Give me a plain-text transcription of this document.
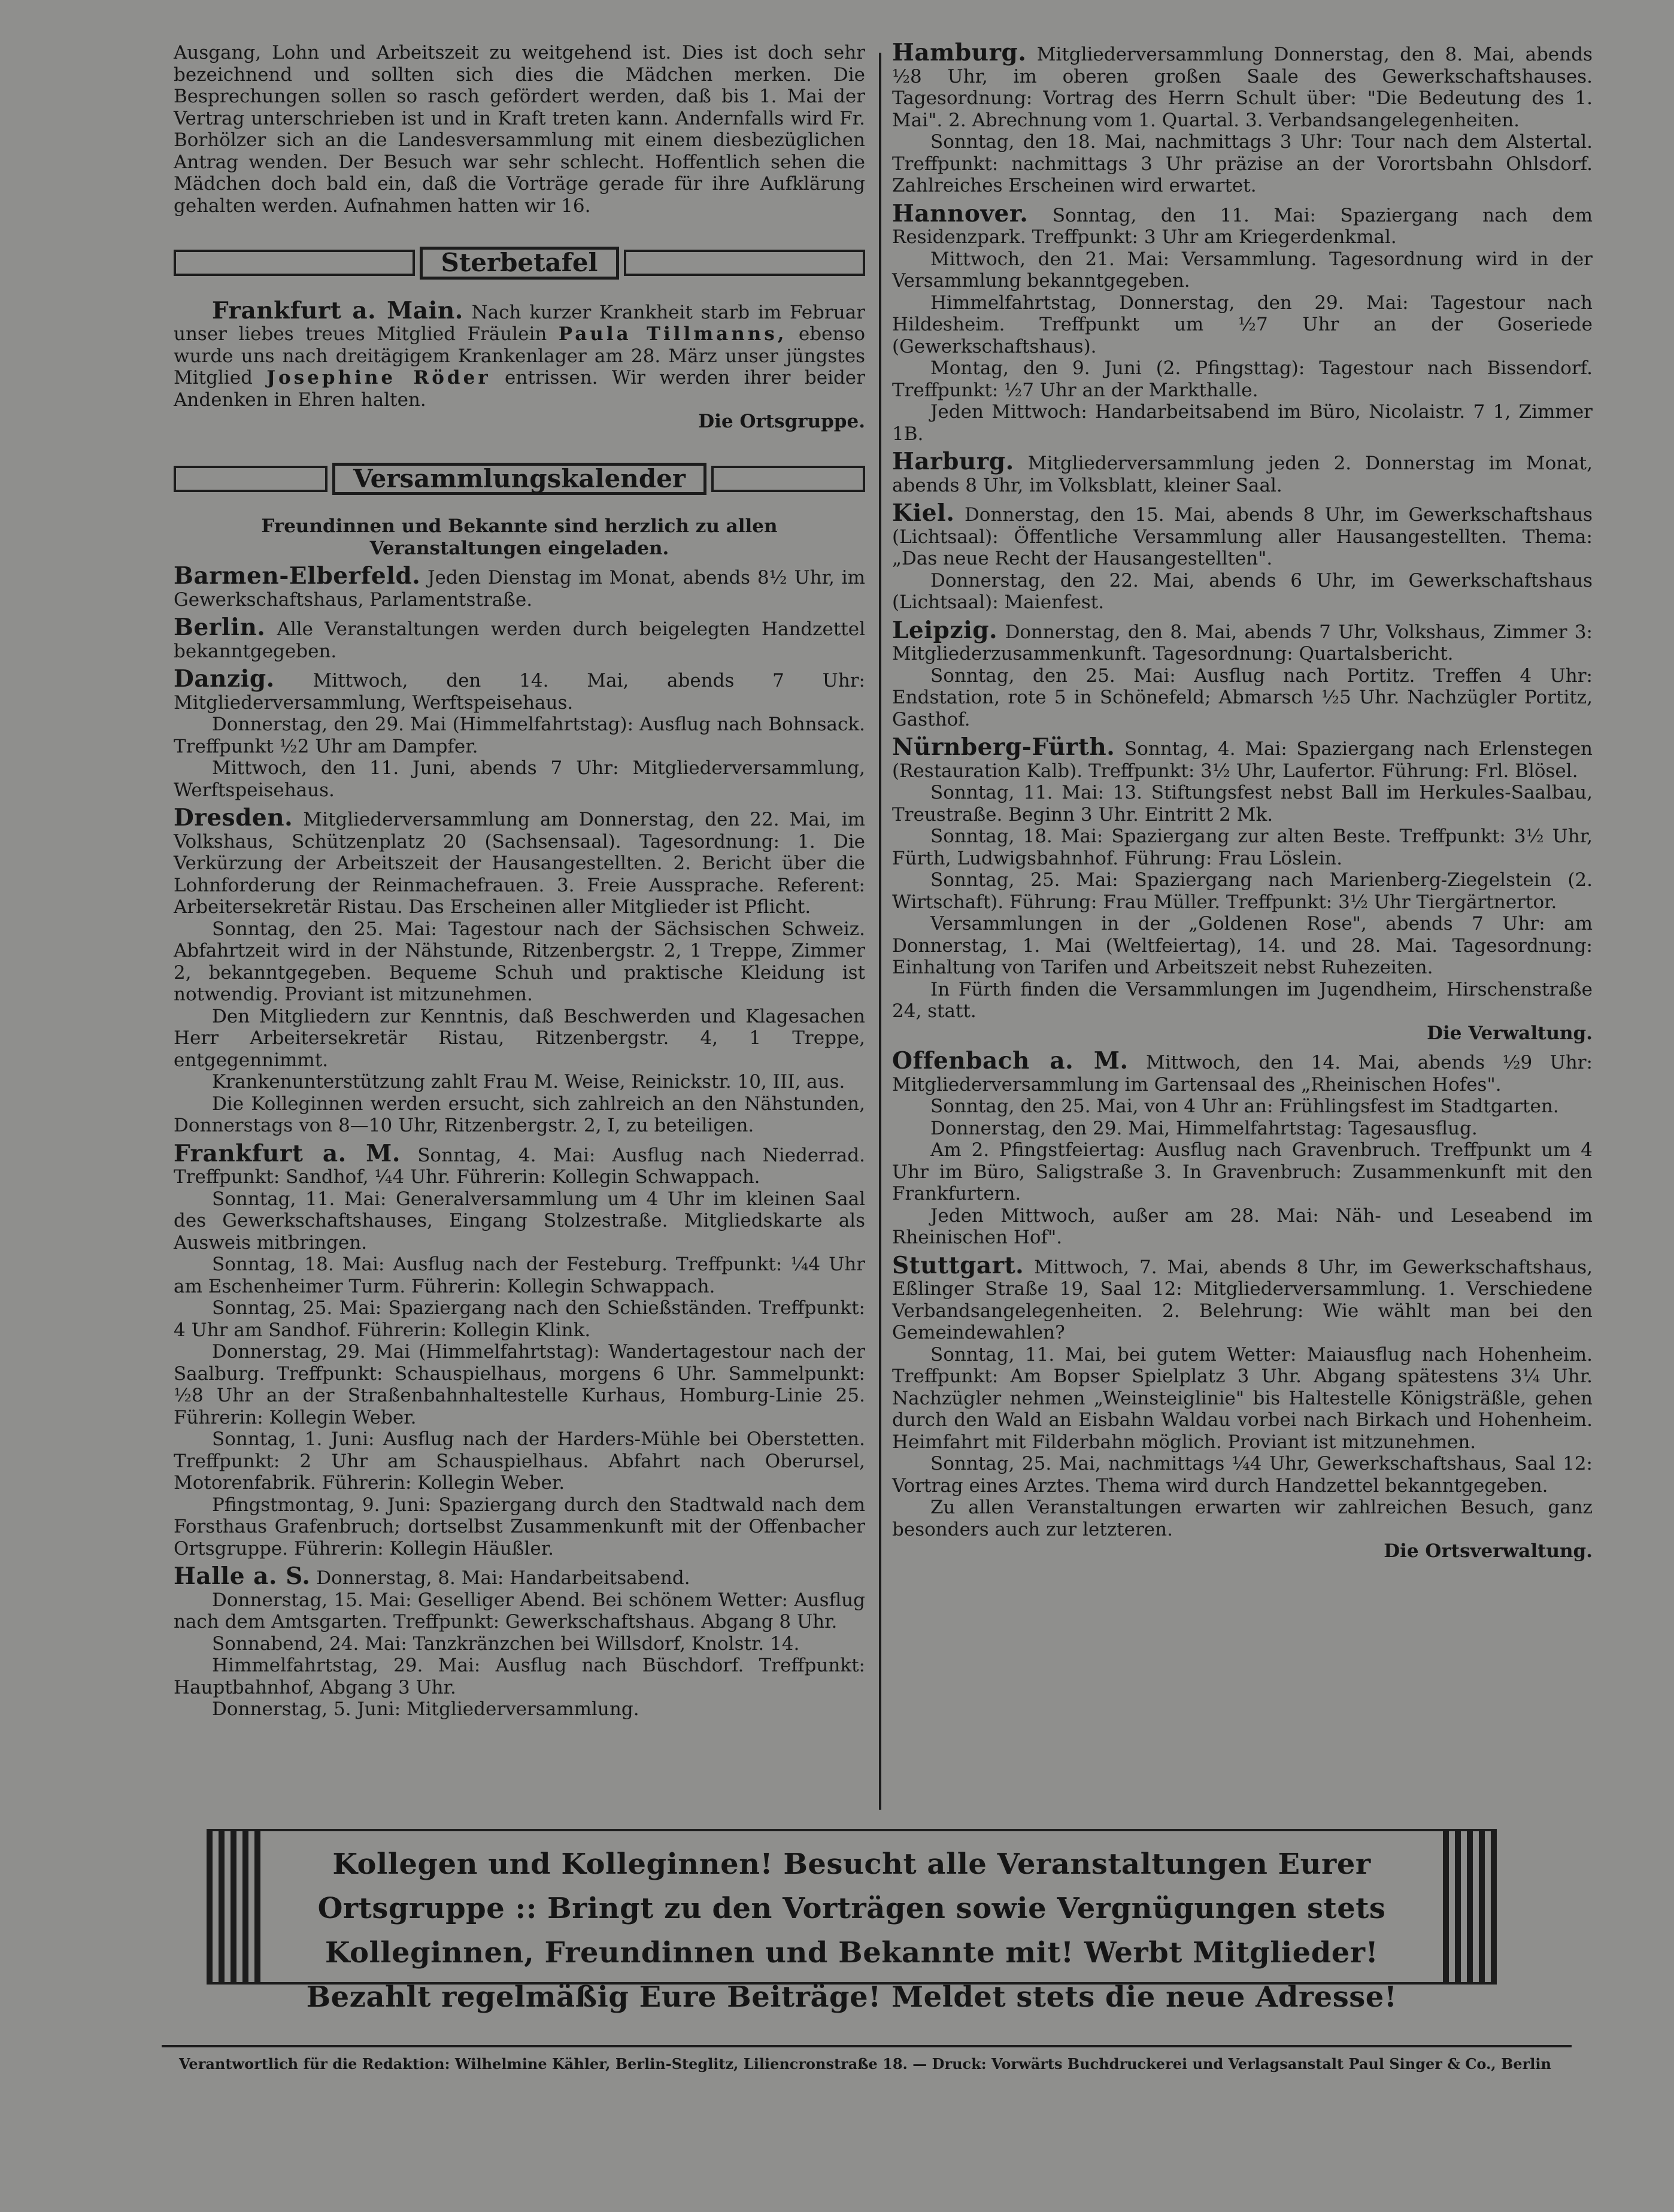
Ausgang, Lohn und Arbeitszeit zu weitgehend ist. Dies ist doch sehr bezeichnend und sollten sich dies die Mädchen merken. Die Besprechungen sollen so rasch gefördert werden, daß bis 1. Mai der Vertrag unterschrieben ist und in Kraft treten kann. Andernfalls wird Fr. Borhölzer sich an die Landesversammlung mit einem diesbezüglichen Antrag wenden. Der Besuch war sehr schlecht. Hoffentlich sehen die Mädchen doch bald ein, daß die Vorträge gerade für ihre Aufklärung gehalten werden. Aufnahmen hatten wir 16.

Sterbetafel

Frankfurt a. Main. Nach kurzer Krankheit starb im Februar unser liebes treues Mitglied Fräulein Paula Tillmanns, ebenso wurde uns nach dreitägigem Krankenlager am 28. März unser jüngstes Mitglied Josephine Röder entrissen. Wir werden ihrer beider Andenken in Ehren halten.

Die Ortsgruppe.

Versammlungskalender

Freundinnen und Bekannte sind herzlich zu allen Veranstaltungen eingeladen.

Barmen-Elberfeld. Jeden Dienstag im Monat, abends 8½ Uhr, im Gewerkschaftshaus, Parlamentstraße.

Berlin. Alle Veranstaltungen werden durch beigelegten Handzettel bekanntgegeben.

Danzig. Mittwoch, den 14. Mai, abends 7 Uhr: Mitgliederversammlung, Werftspeisehaus.

Donnerstag, den 29. Mai (Himmelfahrtstag): Ausflug nach Bohnsack. Treffpunkt ½2 Uhr am Dampfer.

Mittwoch, den 11. Juni, abends 7 Uhr: Mitgliederversammlung, Werftspeisehaus.

Dresden. Mitgliederversammlung am Donnerstag, den 22. Mai, im Volkshaus, Schützenplatz 20 (Sachsensaal). Tagesordnung: 1. Die Verkürzung der Arbeitszeit der Hausangestellten. 2. Bericht über die Lohnforderung der Reinmachefrauen. 3. Freie Aussprache. Referent: Arbeitersekretär Ristau. Das Erscheinen aller Mitglieder ist Pflicht.

Sonntag, den 25. Mai: Tagestour nach der Sächsischen Schweiz. Abfahrtzeit wird in der Nähstunde, Ritzenbergstr. 2, 1 Treppe, Zimmer 2, bekanntgegeben. Bequeme Schuh und praktische Kleidung ist notwendig. Proviant ist mitzunehmen.

Den Mitgliedern zur Kenntnis, daß Beschwerden und Klagesachen Herr Arbeitersekretär Ristau, Ritzenbergstr. 4, 1 Treppe, entgegennimmt.

Krankenunterstützung zahlt Frau M. Weise, Reinickstr. 10, III, aus.

Die Kolleginnen werden ersucht, sich zahlreich an den Nähstunden, Donnerstags von 8—10 Uhr, Ritzenbergstr. 2, I, zu beteiligen.

Frankfurt a. M. Sonntag, 4. Mai: Ausflug nach Niederrad. Treffpunkt: Sandhof, ¼4 Uhr. Führerin: Kollegin Schwappach.

Sonntag, 11. Mai: Generalversammlung um 4 Uhr im kleinen Saal des Gewerkschaftshauses, Eingang Stolzestraße. Mitgliedskarte als Ausweis mitbringen.

Sonntag, 18. Mai: Ausflug nach der Festeburg. Treffpunkt: ¼4 Uhr am Eschenheimer Turm. Führerin: Kollegin Schwappach.

Sonntag, 25. Mai: Spaziergang nach den Schießständen. Treffpunkt: 4 Uhr am Sandhof. Führerin: Kollegin Klink.

Donnerstag, 29. Mai (Himmelfahrtstag): Wandertagestour nach der Saalburg. Treffpunkt: Schauspielhaus, morgens 6 Uhr. Sammelpunkt: ½8 Uhr an der Straßenbahnhaltestelle Kurhaus, Homburg-Linie 25. Führerin: Kollegin Weber.

Sonntag, 1. Juni: Ausflug nach der Harders-Mühle bei Oberstetten. Treffpunkt: 2 Uhr am Schauspielhaus. Abfahrt nach Oberursel, Motorenfabrik. Führerin: Kollegin Weber.

Pfingstmontag, 9. Juni: Spaziergang durch den Stadtwald nach dem Forsthaus Grafenbruch; dortselbst Zusammenkunft mit der Offenbacher Ortsgruppe. Führerin: Kollegin Häußler.

Halle a. S. Donnerstag, 8. Mai: Handarbeitsabend.

Donnerstag, 15. Mai: Geselliger Abend. Bei schönem Wetter: Ausflug nach dem Amtsgarten. Treffpunkt: Gewerkschaftshaus. Abgang 8 Uhr.

Sonnabend, 24. Mai: Tanzkränzchen bei Willsdorf, Knolstr. 14.

Himmelfahrtstag, 29. Mai: Ausflug nach Büschdorf. Treffpunkt: Hauptbahnhof, Abgang 3 Uhr.

Donnerstag, 5. Juni: Mitgliederversammlung.

Hamburg. Mitgliederversammlung Donnerstag, den 8. Mai, abends ½8 Uhr, im oberen großen Saale des Gewerkschaftshauses. Tagesordnung: Vortrag des Herrn Schult über: "Die Bedeutung des 1. Mai". 2. Abrechnung vom 1. Quartal. 3. Verbandsangelegenheiten.

Sonntag, den 18. Mai, nachmittags 3 Uhr: Tour nach dem Alstertal. Treffpunkt: nachmittags 3 Uhr präzise an der Vorortsbahn Ohlsdorf. Zahlreiches Erscheinen wird erwartet.

Hannover. Sonntag, den 11. Mai: Spaziergang nach dem Residenzpark. Treffpunkt: 3 Uhr am Kriegerdenkmal.

Mittwoch, den 21. Mai: Versammlung. Tagesordnung wird in der Versammlung bekanntgegeben.

Himmelfahrtstag, Donnerstag, den 29. Mai: Tagestour nach Hildesheim. Treffpunkt um ½7 Uhr an der Goseriede (Gewerkschaftshaus).

Montag, den 9. Juni (2. Pfingsttag): Tagestour nach Bissendorf. Treffpunkt: ½7 Uhr an der Markthalle.

Jeden Mittwoch: Handarbeitsabend im Büro, Nicolaistr. 7 1, Zimmer 1B.

Harburg. Mitgliederversammlung jeden 2. Donnerstag im Monat, abends 8 Uhr, im Volksblatt, kleiner Saal.

Kiel. Donnerstag, den 15. Mai, abends 8 Uhr, im Gewerkschaftshaus (Lichtsaal): Öffentliche Versammlung aller Hausangestellten. Thema: „Das neue Recht der Hausangestellten".

Donnerstag, den 22. Mai, abends 6 Uhr, im Gewerkschaftshaus (Lichtsaal): Maienfest.

Leipzig. Donnerstag, den 8. Mai, abends 7 Uhr, Volkshaus, Zimmer 3: Mitgliederzusammenkunft. Tagesordnung: Quartalsbericht.

Sonntag, den 25. Mai: Ausflug nach Portitz. Treffen 4 Uhr: Endstation, rote 5 in Schönefeld; Abmarsch ½5 Uhr. Nachzügler Portitz, Gasthof.

Nürnberg-Fürth. Sonntag, 4. Mai: Spaziergang nach Erlenstegen (Restauration Kalb). Treffpunkt: 3½ Uhr, Laufertor. Führung: Frl. Blösel.

Sonntag, 11. Mai: 13. Stiftungsfest nebst Ball im Herkules-Saalbau, Treustraße. Beginn 3 Uhr. Eintritt 2 Mk.

Sonntag, 18. Mai: Spaziergang zur alten Beste. Treffpunkt: 3½ Uhr, Fürth, Ludwigsbahnhof. Führung: Frau Löslein.

Sonntag, 25. Mai: Spaziergang nach Marienberg-Ziegelstein (2. Wirtschaft). Führung: Frau Müller. Treffpunkt: 3½ Uhr Tiergärtnertor.

Versammlungen in der „Goldenen Rose", abends 7 Uhr: am Donnerstag, 1. Mai (Weltfeiertag), 14. und 28. Mai. Tagesordnung: Einhaltung von Tarifen und Arbeitszeit nebst Ruhezeiten.

In Fürth finden die Versammlungen im Jugendheim, Hirschenstraße 24, statt.

Die Verwaltung.

Offenbach a. M. Mittwoch, den 14. Mai, abends ½9 Uhr: Mitgliederversammlung im Gartensaal des „Rheinischen Hofes".

Sonntag, den 25. Mai, von 4 Uhr an: Frühlingsfest im Stadtgarten.

Donnerstag, den 29. Mai, Himmelfahrtstag: Tagesausflug.

Am 2. Pfingstfeiertag: Ausflug nach Gravenbruch. Treffpunkt um 4 Uhr im Büro, Saligstraße 3. In Gravenbruch: Zusammenkunft mit den Frankfurtern.

Jeden Mittwoch, außer am 28. Mai: Näh- und Leseabend im Rheinischen Hof".

Stuttgart. Mittwoch, 7. Mai, abends 8 Uhr, im Gewerkschaftshaus, Eßlinger Straße 19, Saal 12: Mitgliederversammlung. 1. Verschiedene Verbandsangelegenheiten. 2. Belehrung: Wie wählt man bei den Gemeindewahlen?

Sonntag, 11. Mai, bei gutem Wetter: Maiausflug nach Hohenheim. Treffpunkt: Am Bopser Spielplatz 3 Uhr. Abgang spätestens 3¼ Uhr. Nachzügler nehmen „Weinsteiglinie" bis Haltestelle Königsträßle, gehen durch den Wald an Eisbahn Waldau vorbei nach Birkach und Hohenheim. Heimfahrt mit Filderbahn möglich. Proviant ist mitzunehmen.

Sonntag, 25. Mai, nachmittags ¼4 Uhr, Gewerkschaftshaus, Saal 12: Vortrag eines Arztes. Thema wird durch Handzettel bekanntgegeben.

Zu allen Veranstaltungen erwarten wir zahlreichen Besuch, ganz besonders auch zur letzteren.

Die Ortsverwaltung.

Kollegen und Kolleginnen! Besucht alle Veranstaltungen Eurer Ortsgruppe :: Bringt zu den Vorträgen sowie Vergnügungen stets Kolleginnen, Freundinnen und Bekannte mit! Werbt Mitglieder! Bezahlt regelmäßig Eure Beiträge! Meldet stets die neue Adresse!
Verantwortlich für die Redaktion: Wilhelmine Kähler, Berlin-Steglitz, Liliencronstraße 18. — Druck: Vorwärts Buchdruckerei und Verlagsanstalt Paul Singer & Co., Berlin
